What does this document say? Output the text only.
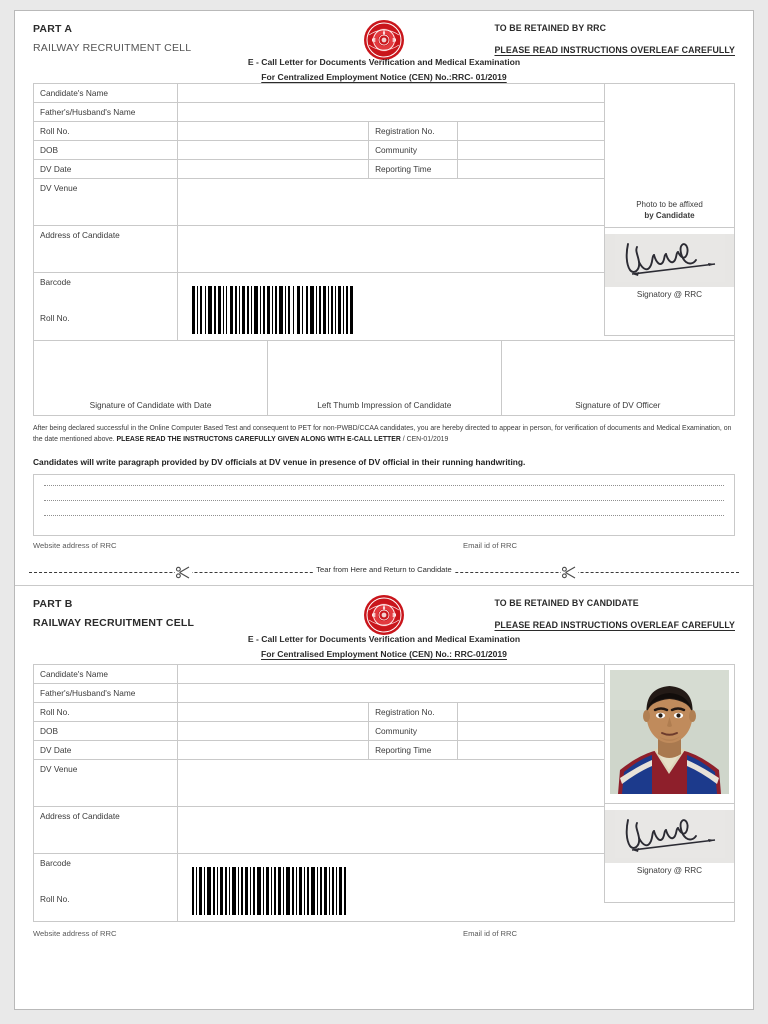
PART A
RAILWAY RECRUITMENT CELL
TO BE RETAINED BY RRC
PLEASE READ INSTRUCTIONS OVERLEAF CAREFULLY
E - Call Letter for Documents Verification and Medical Examination
For Centralized Employment Notice (CEN) No.:RRC- 01/2019
Candidate's Name			
Father's/Husband's Name			
Roll No.		Registration No.	
DOB		Community	
DV Date		Reporting Time	
DV Venue			
Address of Candidate			

Barcode
Roll No.

Photo to be affixed
by Candidate
Signatory @ RRC
Signature of Candidate with Date	Left Thumb Impression of Candidate	Signature of DV Officer
After being declared successful in the Online Computer Based Test and consequent to PET for non-PWBD/CCAA candidates, you are hereby directed to appear in person, for verification of documents and Medical Examination, on the date mentioned above. PLEASE READ THE INSTRUCTONS CAREFULLY GIVEN ALONG WITH E-CALL LETTER / CEN-01/2019
Candidates will write paragraph provided by DV officials at DV venue in presence of DV official in their running handwriting.
Website address of RRC	Email id of RRC
Tear from Here and Return to Candidate
PART B
RAILWAY RECRUITMENT CELL
TO BE RETAINED BY CANDIDATE
PLEASE READ INSTRUCTIONS OVERLEAF CAREFULLY
E - Call Letter for Documents Verification and Medical Examination
For Centralised Employment Notice (CEN) No.: RRC-01/2019
Candidate's Name			
Father's/Husband's Name			
Roll No.		Registration No.	
DOB		Community	
DV Date		Reporting Time	
DV Venue			
Address of Candidate			

Barcode
Roll No.

Signatory @ RRC
Website address of RRC	Email id of RRC
